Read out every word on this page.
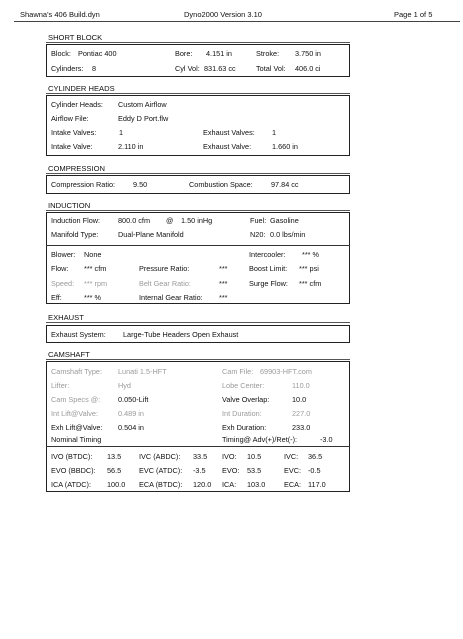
Shawna's 406 Build.dyn	Dyno2000 Version 3.10	Page 1 of 5
SHORT BLOCK
Block: Pontiac 400	Bore: 4.151 in	Stroke: 3.750 in
Cylinders: 8	Cyl Vol: 831.63 cc	Total Vol: 406.0 ci
CYLINDER HEADS
Cylinder Heads: Custom Airflow
Airflow File:	Eddy D Port.flw
Intake Valves:	1	Exhaust Valves: 1
Intake Valve:	2.110 in	Exhaust Valve:	1.660 in
COMPRESSION
Compression Ratio: 9.50	Combustion Space:	97.84 cc
INDUCTION
Induction Flow: 800.0 cfm @ 1.50 inHg	Fuel: Gasoline
Manifold Type:	Dual-Plane Manifold	N20: 0.0 lbs/min
Blower: None	Intercooler: *** %
Flow: *** cfm	Pressure Ratio:	***	Boost Limit: *** psi
Speed: *** rpm	Belt Gear Ratio:	***	Surge Flow: *** cfm
Eff:	*** %	Internal Gear Ratio: ***
EXHAUST
Exhaust System: Large-Tube Headers Open Exhaust
CAMSHAFT
Camshaft Type: Lunati 1.5-HFT	Cam File: 69903-HFT.com
Lifter:	Hyd	Lobe Center:	110.0
Cam Specs @: 0.050-Lift	Valve Overlap:	10.0
Int Lift@Valve:	0.489 in	Int Duration:	227.0
Exh Lift@Valve: 0.504 in	Exh Duration:	233.0
Nominal Timing	Timing@ Adv(+)/Ret(-):	-3.0
IVO (BTDC): 13.5 IVC (ABDC): 33.5 IVO: 10.5	IVC: 36.5
EVO (BBDC): 56.5 EVC (ATDC): -3.5 EVO: 53.5	EVC: -0.5
ICA (ATDC): 100.0 ECA (BTDC): 120.0 ICA: 103.0	ECA: 117.0
